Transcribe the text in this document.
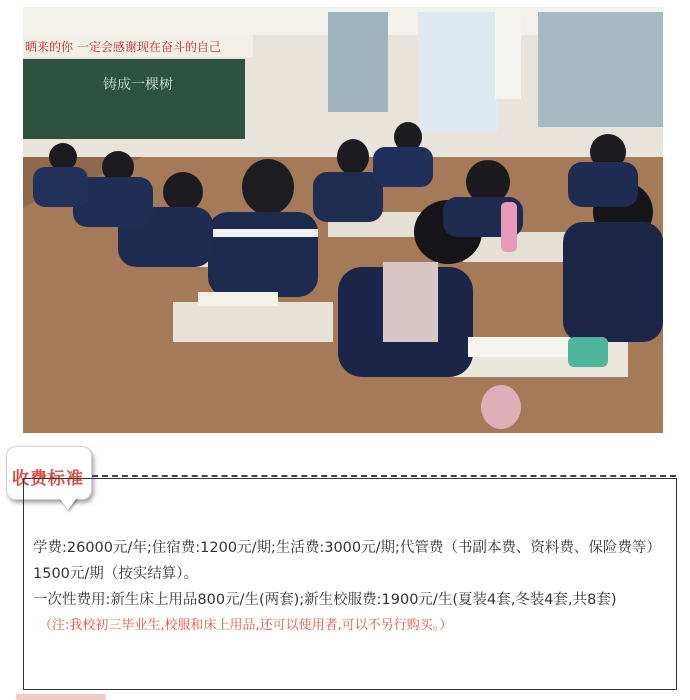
晒来的你 一定会感谢现在奋斗的自己
铸成一棵树
收费标准

学费:26000元/年;住宿费:1200元/期;生活费:3000元/期;代管费（书副本费、资料费、保险费等）1500元/期（按实结算）。

一次性费用:新生床上用品800元/生(两套);新生校服费:1900元/生(夏装4套,冬装4套,共8套)

（注:我校初三毕业生,校服和床上用品,还可以使用者,可以不另行购买。）
